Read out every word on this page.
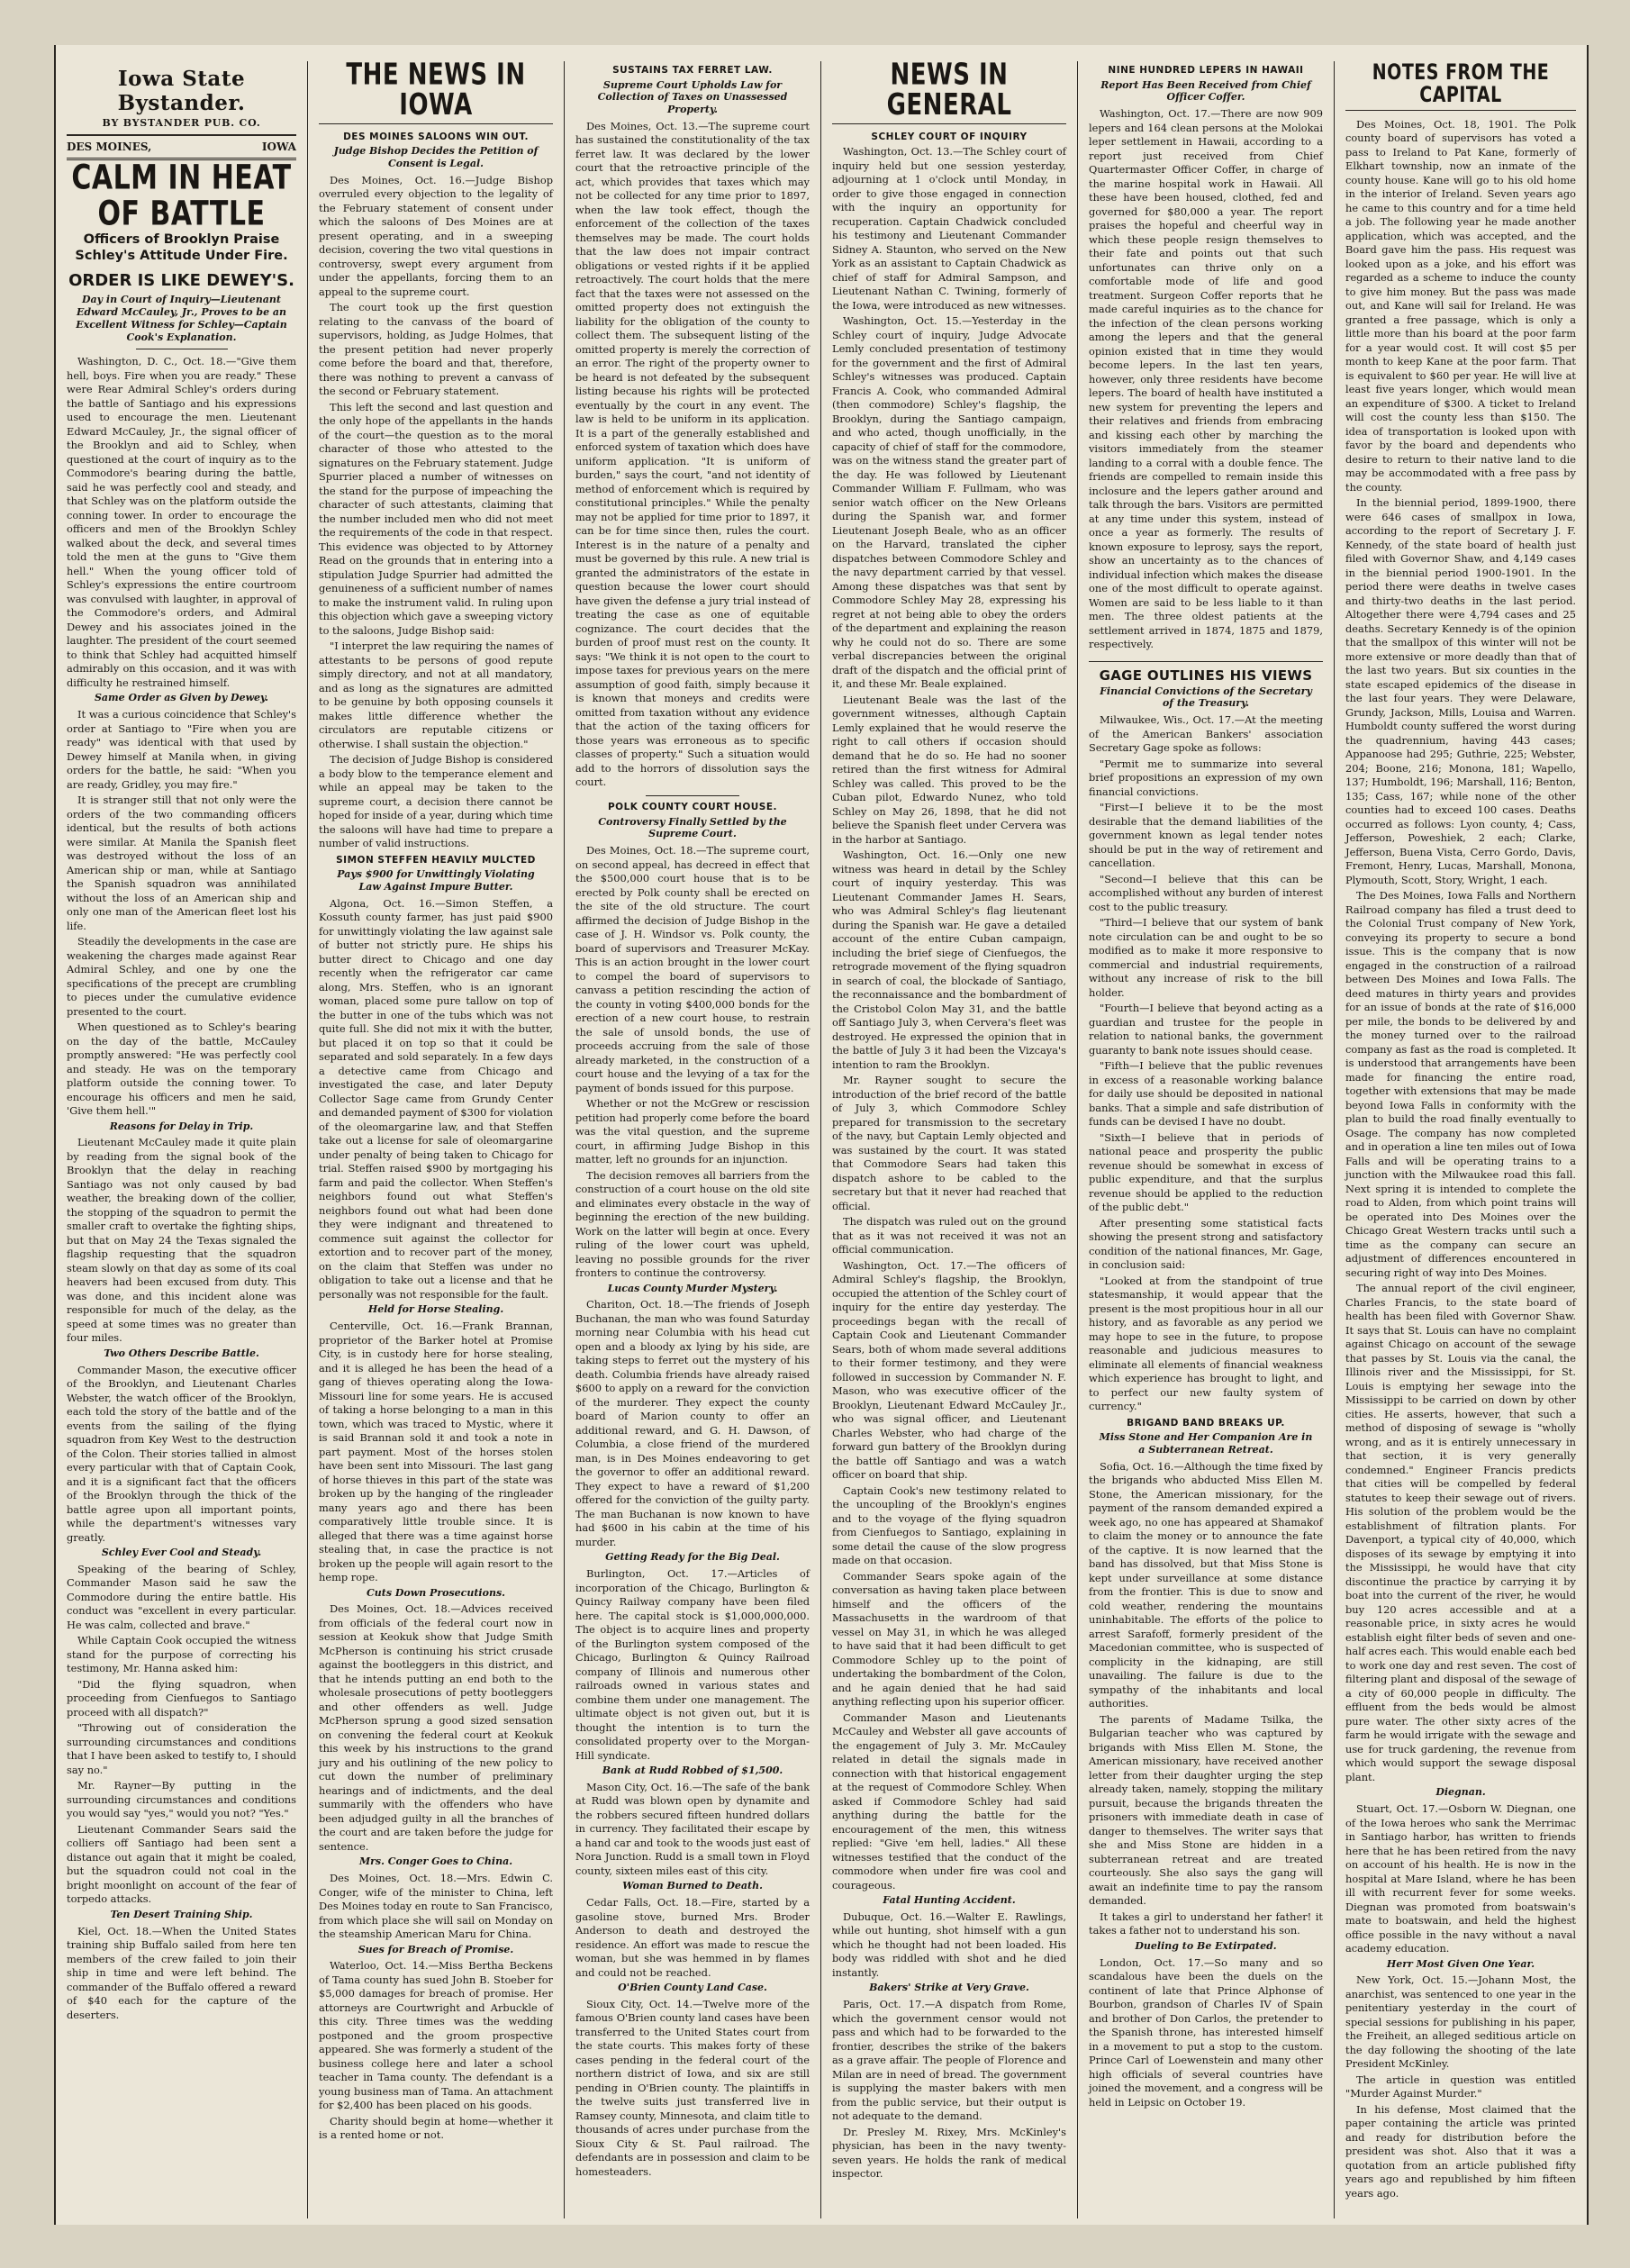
Iowa State Bystander.
BY BYSTANDER PUB. CO.
DES MOINES,	IOWA
CALM IN HEAT OF BATTLE
Officers of Brooklyn Praise Schley's Attitude Under Fire.
ORDER IS LIKE DEWEY'S.
Day in Court of Inquiry—Lieutenant Edward McCauley, Jr., Proves to be an Excellent Witness for Schley—Captain Cook's Explanation.

Washington, D. C., Oct. 18.—"Give them hell, boys. Fire when you are ready." These were Rear Admiral Schley's orders during the battle of Santiago and his expressions used to encourage the men. Lieutenant Edward McCauley, Jr., the signal officer of the Brooklyn and aid to Schley, when questioned at the court of inquiry as to the Commodore's bearing during the battle, said he was perfectly cool and steady, and that Schley was on the platform outside the conning tower. In order to encourage the officers and men of the Brooklyn Schley walked about the deck, and several times told the men at the guns to "Give them hell." When the young officer told of Schley's expressions the entire courtroom was convulsed with laughter, in approval of the Commodore's orders, and Admiral Dewey and his associates joined in the laughter. The president of the court seemed to think that Schley had acquitted himself admirably on this occasion, and it was with difficulty he restrained himself.

Same Order as Given by Dewey.

It was a curious coincidence that Schley's order at Santiago to "Fire when you are ready" was identical with that used by Dewey himself at Manila when, in giving orders for the battle, he said: "When you are ready, Gridley, you may fire."

It is stranger still that not only were the orders of the two commanding officers identical, but the results of both actions were similar. At Manila the Spanish fleet was destroyed without the loss of an American ship or man, while at Santiago the Spanish squadron was annihilated without the loss of an American ship and only one man of the American fleet lost his life.

Steadily the developments in the case are weakening the charges made against Rear Admiral Schley, and one by one the specifications of the precept are crumbling to pieces under the cumulative evidence presented to the court.

When questioned as to Schley's bearing on the day of the battle, McCauley promptly answered: "He was perfectly cool and steady. He was on the temporary platform outside the conning tower. To encourage his officers and men he said, 'Give them hell.'"

Reasons for Delay in Trip.

Lieutenant McCauley made it quite plain by reading from the signal book of the Brooklyn that the delay in reaching Santiago was not only caused by bad weather, the breaking down of the collier, the stopping of the squadron to permit the smaller craft to overtake the fighting ships, but that on May 24 the Texas signaled the flagship requesting that the squadron steam slowly on that day as some of its coal heavers had been excused from duty. This was done, and this incident alone was responsible for much of the delay, as the speed at some times was no greater than four miles.

Two Others Describe Battle.

Commander Mason, the executive officer of the Brooklyn, and Lieutenant Charles Webster, the watch officer of the Brooklyn, each told the story of the battle and of the events from the sailing of the flying squadron from Key West to the destruction of the Colon. Their stories tallied in almost every particular with that of Captain Cook, and it is a significant fact that the officers of the Brooklyn through the thick of the battle agree upon all important points, while the department's witnesses vary greatly.

Schley Ever Cool and Steady.

Speaking of the bearing of Schley, Commander Mason said he saw the Commodore during the entire battle. His conduct was "excellent in every particular. He was calm, collected and brave."

While Captain Cook occupied the witness stand for the purpose of correcting his testimony, Mr. Hanna asked him:

"Did the flying squadron, when proceeding from Cienfuegos to Santiago proceed with all dispatch?"

"Throwing out of consideration the surrounding circumstances and conditions that I have been asked to testify to, I should say no."

Mr. Rayner—By putting in the surrounding circumstances and conditions you would say "yes," would you not? "Yes."

Lieutenant Commander Sears said the colliers off Santiago had been sent a distance out again that it might be coaled, but the squadron could not coal in the bright moonlight on account of the fear of torpedo attacks.

Ten Desert Training Ship.

Kiel, Oct. 18.—When the United States training ship Buffalo sailed from here ten members of the crew failed to join their ship in time and were left behind. The commander of the Buffalo offered a reward of $40 each for the capture of the deserters.

THE NEWS IN IOWA
DES MOINES SALOONS WIN OUT.
Judge Bishop Decides the Petition of Consent is Legal.

Des Moines, Oct. 16.—Judge Bishop overruled every objection to the legality of the February statement of consent under which the saloons of Des Moines are at present operating, and in a sweeping decision, covering the two vital questions in controversy, swept every argument from under the appellants, forcing them to an appeal to the supreme court.

The court took up the first question relating to the canvass of the board of supervisors, holding, as Judge Holmes, that the present petition had never properly come before the board and that, therefore, there was nothing to prevent a canvass of the second or February statement.

This left the second and last question and the only hope of the appellants in the hands of the court—the question as to the moral character of those who attested to the signatures on the February statement. Judge Spurrier placed a number of witnesses on the stand for the purpose of impeaching the character of such attestants, claiming that the number included men who did not meet the requirements of the code in that respect. This evidence was objected to by Attorney Read on the grounds that in entering into a stipulation Judge Spurrier had admitted the genuineness of a sufficient number of names to make the instrument valid. In ruling upon this objection which gave a sweeping victory to the saloons, Judge Bishop said:

"I interpret the law requiring the names of attestants to be persons of good repute simply directory, and not at all mandatory, and as long as the signatures are admitted to be genuine by both opposing counsels it makes little difference whether the circulators are reputable citizens or otherwise. I shall sustain the objection."

The decision of Judge Bishop is considered a body blow to the temperance element and while an appeal may be taken to the supreme court, a decision there cannot be hoped for inside of a year, during which time the saloons will have had time to prepare a number of valid instructions.

SIMON STEFFEN HEAVILY MULCTED
Pays $900 for Unwittingly Violating Law Against Impure Butter.

Algona, Oct. 16.—Simon Steffen, a Kossuth county farmer, has just paid $900 for unwittingly violating the law against sale of butter not strictly pure. He ships his butter direct to Chicago and one day recently when the refrigerator car came along, Mrs. Steffen, who is an ignorant woman, placed some pure tallow on top of the butter in one of the tubs which was not quite full. She did not mix it with the butter, but placed it on top so that it could be separated and sold separately. In a few days a detective came from Chicago and investigated the case, and later Deputy Collector Sage came from Grundy Center and demanded payment of $300 for violation of the oleomargarine law, and that Steffen take out a license for sale of oleomargarine under penalty of being taken to Chicago for trial. Steffen raised $900 by mortgaging his farm and paid the collector. When Steffen's neighbors found out what Steffen's neighbors found out what had been done they were indignant and threatened to commence suit against the collector for extortion and to recover part of the money, on the claim that Steffen was under no obligation to take out a license and that he personally was not responsible for the fault.

Held for Horse Stealing.

Centerville, Oct. 16.—Frank Brannan, proprietor of the Barker hotel at Promise City, is in custody here for horse stealing, and it is alleged he has been the head of a gang of thieves operating along the Iowa-Missouri line for some years. He is accused of taking a horse belonging to a man in this town, which was traced to Mystic, where it is said Brannan sold it and took a note in part payment. Most of the horses stolen have been sent into Missouri. The last gang of horse thieves in this part of the state was broken up by the hanging of the ringleader many years ago and there has been comparatively little trouble since. It is alleged that there was a time against horse stealing that, in case the practice is not broken up the people will again resort to the hemp rope.

Cuts Down Prosecutions.

Des Moines, Oct. 18.—Advices received from officials of the federal court now in session at Keokuk show that Judge Smith McPherson is continuing his strict crusade against the bootleggers in this district, and that he intends putting an end both to the wholesale prosecutions of petty bootleggers and other offenders as well. Judge McPherson sprung a good sized sensation on convening the federal court at Keokuk this week by his instructions to the grand jury and his outlining of the new policy to cut down the number of preliminary hearings and of indictments, and the deal summarily with the offenders who have been adjudged guilty in all the branches of the court and are taken before the judge for sentence.

Mrs. Conger Goes to China.

Des Moines, Oct. 18.—Mrs. Edwin C. Conger, wife of the minister to China, left Des Moines today en route to San Francisco, from which place she will sail on Monday on the steamship American Maru for China.

Sues for Breach of Promise.

Waterloo, Oct. 14.—Miss Bertha Beckens of Tama county has sued John B. Stoeber for $5,000 damages for breach of promise. Her attorneys are Courtwright and Arbuckle of this city. Three times was the wedding postponed and the groom prospective appeared. She was formerly a student of the business college here and later a school teacher in Tama county. The defendant is a young business man of Tama. An attachment for $2,400 has been placed on his goods.

Charity should begin at home—whether it is a rented home or not.

SUSTAINS TAX FERRET LAW.
Supreme Court Upholds Law for Collection of Taxes on Unassessed Property.

Des Moines, Oct. 13.—The supreme court has sustained the constitutionality of the tax ferret law. It was declared by the lower court that the retroactive principle of the act, which provides that taxes which may not be collected for any time prior to 1897, when the law took effect, though the enforcement of the collection of the taxes themselves may be made. The court holds that the law does not impair contract obligations or vested rights if it be applied retroactively. The court holds that the mere fact that the taxes were not assessed on the omitted property does not extinguish the liability for the obligation of the county to collect them. The subsequent listing of the omitted property is merely the correction of an error. The right of the property owner to be heard is not defeated by the subsequent listing because his rights will be protected eventually by the court in any event. The law is held to be uniform in its application. It is a part of the generally established and enforced system of taxation which does have uniform application. "It is uniform of burden," says the court, "and not identity of method of enforcement which is required by constitutional principles." While the penalty may not be applied for time prior to 1897, it can be for time since then, rules the court. Interest is in the nature of a penalty and must be governed by this rule. A new trial is granted the administrators of the estate in question because the lower court should have given the defense a jury trial instead of treating the case as one of equitable cognizance. The court decides that the burden of proof must rest on the county. It says: "We think it is not open to the court to impose taxes for previous years on the mere assumption of good faith, simply because it is known that moneys and credits were omitted from taxation without any evidence that the action of the taxing officers for those years was erroneous as to specific classes of property." Such a situation would add to the horrors of dissolution says the court.

POLK COUNTY COURT HOUSE.
Controversy Finally Settled by the Supreme Court.

Des Moines, Oct. 18.—The supreme court, on second appeal, has decreed in effect that the $500,000 court house that is to be erected by Polk county shall be erected on the site of the old structure. The court affirmed the decision of Judge Bishop in the case of J. H. Windsor vs. Polk county, the board of supervisors and Treasurer McKay. This is an action brought in the lower court to compel the board of supervisors to canvass a petition rescinding the action of the county in voting $400,000 bonds for the erection of a new court house, to restrain the sale of unsold bonds, the use of proceeds accruing from the sale of those already marketed, in the construction of a court house and the levying of a tax for the payment of bonds issued for this purpose.

Whether or not the McGrew or rescission petition had properly come before the board was the vital question, and the supreme court, in affirming Judge Bishop in this matter, left no grounds for an injunction.

The decision removes all barriers from the construction of a court house on the old site and eliminates every obstacle in the way of beginning the erection of the new building. Work on the latter will begin at once. Every ruling of the lower court was upheld, leaving no possible grounds for the river fronters to continue the controversy.

Lucas County Murder Mystery.

Chariton, Oct. 18.—The friends of Joseph Buchanan, the man who was found Saturday morning near Columbia with his head cut open and a bloody ax lying by his side, are taking steps to ferret out the mystery of his death. Columbia friends have already raised $600 to apply on a reward for the conviction of the murderer. They expect the county board of Marion county to offer an additional reward, and G. H. Dawson, of Columbia, a close friend of the murdered man, is in Des Moines endeavoring to get the governor to offer an additional reward. They expect to have a reward of $1,200 offered for the conviction of the guilty party. The man Buchanan is now known to have had $600 in his cabin at the time of his murder.

Getting Ready for the Big Deal.

Burlington, Oct. 17.—Articles of incorporation of the Chicago, Burlington & Quincy Railway company have been filed here. The capital stock is $1,000,000,000. The object is to acquire lines and property of the Burlington system composed of the Chicago, Burlington & Quincy Railroad company of Illinois and numerous other railroads owned in various states and combine them under one management. The ultimate object is not given out, but it is thought the intention is to turn the consolidated property over to the Morgan-Hill syndicate.

Bank at Rudd Robbed of $1,500.

Mason City, Oct. 16.—The safe of the bank at Rudd was blown open by dynamite and the robbers secured fifteen hundred dollars in currency. They facilitated their escape by a hand car and took to the woods just east of Nora Junction. Rudd is a small town in Floyd county, sixteen miles east of this city.

Woman Burned to Death.

Cedar Falls, Oct. 18.—Fire, started by a gasoline stove, burned Mrs. Broder Anderson to death and destroyed the residence. An effort was made to rescue the woman, but she was hemmed in by flames and could not be reached.

O'Brien County Land Case.

Sioux City, Oct. 14.—Twelve more of the famous O'Brien county land cases have been transferred to the United States court from the state courts. This makes forty of these cases pending in the federal court of the northern district of Iowa, and six are still pending in O'Brien county. The plaintiffs in the twelve suits just transferred live in Ramsey county, Minnesota, and claim title to thousands of acres under purchase from the Sioux City & St. Paul railroad. The defendants are in possession and claim to be homesteaders.

NEWS IN GENERAL
SCHLEY COURT OF INQUIRY

Washington, Oct. 13.—The Schley court of inquiry held but one session yesterday, adjourning at 1 o'clock until Monday, in order to give those engaged in connection with the inquiry an opportunity for recuperation. Captain Chadwick concluded his testimony and Lieutenant Commander Sidney A. Staunton, who served on the New York as an assistant to Captain Chadwick as chief of staff for Admiral Sampson, and Lieutenant Nathan C. Twining, formerly of the Iowa, were introduced as new witnesses.

Washington, Oct. 15.—Yesterday in the Schley court of inquiry, Judge Advocate Lemly concluded presentation of testimony for the government and the first of Admiral Schley's witnesses was produced. Captain Francis A. Cook, who commanded Admiral (then commodore) Schley's flagship, the Brooklyn, during the Santiago campaign, and who acted, though unofficially, in the capacity of chief of staff for the commodore, was on the witness stand the greater part of the day. He was followed by Lieutenant Commander William F. Fullmam, who was senior watch officer on the New Orleans during the Spanish war, and former Lieutenant Joseph Beale, who as an officer on the Harvard, translated the cipher dispatches between Commodore Schley and the navy department carried by that vessel. Among these dispatches was that sent by Commodore Schley May 28, expressing his regret at not being able to obey the orders of the department and explaining the reason why he could not do so. There are some verbal discrepancies between the original draft of the dispatch and the official print of it, and these Mr. Beale explained.

Lieutenant Beale was the last of the government witnesses, although Captain Lemly explained that he would reserve the right to call others if occasion should demand that he do so. He had no sooner retired than the first witness for Admiral Schley was called. This proved to be the Cuban pilot, Edwardo Nunez, who told Schley on May 26, 1898, that he did not believe the Spanish fleet under Cervera was in the harbor at Santiago.

Washington, Oct. 16.—Only one new witness was heard in detail by the Schley court of inquiry yesterday. This was Lieutenant Commander James H. Sears, who was Admiral Schley's flag lieutenant during the Spanish war. He gave a detailed account of the entire Cuban campaign, including the brief siege of Cienfuegos, the retrograde movement of the flying squadron in search of coal, the blockade of Santiago, the reconnaissance and the bombardment of the Cristobol Colon May 31, and the battle off Santiago July 3, when Cervera's fleet was destroyed. He expressed the opinion that in the battle of July 3 it had been the Vizcaya's intention to ram the Brooklyn.

Mr. Rayner sought to secure the introduction of the brief record of the battle of July 3, which Commodore Schley prepared for transmission to the secretary of the navy, but Captain Lemly objected and was sustained by the court. It was stated that Commodore Sears had taken this dispatch ashore to be cabled to the secretary but that it never had reached that official.

The dispatch was ruled out on the ground that as it was not received it was not an official communication.

Washington, Oct. 17.—The officers of Admiral Schley's flagship, the Brooklyn, occupied the attention of the Schley court of inquiry for the entire day yesterday. The proceedings began with the recall of Captain Cook and Lieutenant Commander Sears, both of whom made several additions to their former testimony, and they were followed in succession by Commander N. F. Mason, who was executive officer of the Brooklyn, Lieutenant Edward McCauley Jr., who was signal officer, and Lieutenant Charles Webster, who had charge of the forward gun battery of the Brooklyn during the battle off Santiago and was a watch officer on board that ship.

Captain Cook's new testimony related to the uncoupling of the Brooklyn's engines and to the voyage of the flying squadron from Cienfuegos to Santiago, explaining in some detail the cause of the slow progress made on that occasion.

Commander Sears spoke again of the conversation as having taken place between himself and the officers of the Massachusetts in the wardroom of that vessel on May 31, in which he was alleged to have said that it had been difficult to get Commodore Schley up to the point of undertaking the bombardment of the Colon, and he again denied that he had said anything reflecting upon his superior officer.

Commander Mason and Lieutenants McCauley and Webster all gave accounts of the engagement of July 3. Mr. McCauley related in detail the signals made in connection with that historical engagement at the request of Commodore Schley. When asked if Commodore Schley had said anything during the battle for the encouragement of the men, this witness replied: "Give 'em hell, ladies." All these witnesses testified that the conduct of the commodore when under fire was cool and courageous.

Fatal Hunting Accident.

Dubuque, Oct. 16.—Walter E. Rawlings, while out hunting, shot himself with a gun which he thought had not been loaded. His body was riddled with shot and he died instantly.

Bakers' Strike at Very Grave.

Paris, Oct. 17.—A dispatch from Rome, which the government censor would not pass and which had to be forwarded to the frontier, describes the strike of the bakers as a grave affair. The people of Florence and Milan are in need of bread. The government is supplying the master bakers with men from the public service, but their output is not adequate to the demand.

Dr. Presley M. Rixey, Mrs. McKinley's physician, has been in the navy twenty-seven years. He holds the rank of medical inspector.

NINE HUNDRED LEPERS IN HAWAII
Report Has Been Received from Chief Officer Coffer.

Washington, Oct. 17.—There are now 909 lepers and 164 clean persons at the Molokai leper settlement in Hawaii, according to a report just received from Chief Quartermaster Officer Coffer, in charge of the marine hospital work in Hawaii. All these have been housed, clothed, fed and governed for $80,000 a year. The report praises the hopeful and cheerful way in which these people resign themselves to their fate and points out that such unfortunates can thrive only on a comfortable mode of life and good treatment. Surgeon Coffer reports that he made careful inquiries as to the chance for the infection of the clean persons working among the lepers and that the general opinion existed that in time they would become lepers. In the last ten years, however, only three residents have become lepers. The board of health have instituted a new system for preventing the lepers and their relatives and friends from embracing and kissing each other by marching the visitors immediately from the steamer landing to a corral with a double fence. The friends are compelled to remain inside this inclosure and the lepers gather around and talk through the bars. Visitors are permitted at any time under this system, instead of once a year as formerly. The results of known exposure to leprosy, says the report, show an uncertainty as to the chances of individual infection which makes the disease one of the most difficult to operate against. Women are said to be less liable to it than men. The three oldest patients at the settlement arrived in 1874, 1875 and 1879, respectively.

GAGE OUTLINES HIS VIEWS
Financial Convictions of the Secretary of the Treasury.

Milwaukee, Wis., Oct. 17.—At the meeting of the American Bankers' association Secretary Gage spoke as follows:

"Permit me to summarize into several brief propositions an expression of my own financial convictions.

"First—I believe it to be the most desirable that the demand liabilities of the government known as legal tender notes should be put in the way of retirement and cancellation.

"Second—I believe that this can be accomplished without any burden of interest cost to the public treasury.

"Third—I believe that our system of bank note circulation can be and ought to be so modified as to make it more responsive to commercial and industrial requirements, without any increase of risk to the bill holder.

"Fourth—I believe that beyond acting as a guardian and trustee for the people in relation to national banks, the government guaranty to bank note issues should cease.

"Fifth—I believe that the public revenues in excess of a reasonable working balance for daily use should be deposited in national banks. That a simple and safe distribution of funds can be devised I have no doubt.

"Sixth—I believe that in periods of national peace and prosperity the public revenue should be somewhat in excess of public expenditure, and that the surplus revenue should be applied to the reduction of the public debt."

After presenting some statistical facts showing the present strong and satisfactory condition of the national finances, Mr. Gage, in conclusion said:

"Looked at from the standpoint of true statesmanship, it would appear that the present is the most propitious hour in all our history, and as favorable as any period we may hope to see in the future, to propose reasonable and judicious measures to eliminate all elements of financial weakness which experience has brought to light, and to perfect our new faulty system of currency."

BRIGAND BAND BREAKS UP.
Miss Stone and Her Companion Are in a Subterranean Retreat.

Sofia, Oct. 16.—Although the time fixed by the brigands who abducted Miss Ellen M. Stone, the American missionary, for the payment of the ransom demanded expired a week ago, no one has appeared at Shamakof to claim the money or to announce the fate of the captive. It is now learned that the band has dissolved, but that Miss Stone is kept under surveillance at some distance from the frontier. This is due to snow and cold weather, rendering the mountains uninhabitable. The efforts of the police to arrest Sarafoff, formerly president of the Macedonian committee, who is suspected of complicity in the kidnaping, are still unavailing. The failure is due to the sympathy of the inhabitants and local authorities.

The parents of Madame Tsilka, the Bulgarian teacher who was captured by brigands with Miss Ellen M. Stone, the American missionary, have received another letter from their daughter urging the step already taken, namely, stopping the military pursuit, because the brigands threaten the prisoners with immediate death in case of danger to themselves. The writer says that she and Miss Stone are hidden in a subterranean retreat and are treated courteously. She also says the gang will await an indefinite time to pay the ransom demanded.

It takes a girl to understand her father! it takes a father not to understand his son.

Dueling to Be Extirpated.

London, Oct. 17.—So many and so scandalous have been the duels on the continent of late that Prince Alphonse of Bourbon, grandson of Charles IV of Spain and brother of Don Carlos, the pretender to the Spanish throne, has interested himself in a movement to put a stop to the custom. Prince Carl of Loewenstein and many other high officials of several countries have joined the movement, and a congress will be held in Leipsic on October 19.

NOTES FROM THE CAPITAL

Des Moines, Oct. 18, 1901. The Polk county board of supervisors has voted a pass to Ireland to Pat Kane, formerly of Elkhart township, now an inmate of the county house. Kane will go to his old home in the interior of Ireland. Seven years ago he came to this country and for a time held a job. The following year he made another application, which was accepted, and the Board gave him the pass. His request was looked upon as a joke, and his effort was regarded as a scheme to induce the county to give him money. But the pass was made out, and Kane will sail for Ireland. He was granted a free passage, which is only a little more than his board at the poor farm for a year would cost. It will cost $5 per month to keep Kane at the poor farm. That is equivalent to $60 per year. He will live at least five years longer, which would mean an expenditure of $300. A ticket to Ireland will cost the county less than $150. The idea of transportation is looked upon with favor by the board and dependents who desire to return to their native land to die may be accommodated with a free pass by the county.

In the biennial period, 1899-1900, there were 646 cases of smallpox in Iowa, according to the report of Secretary J. F. Kennedy, of the state board of health just filed with Governor Shaw, and 4,149 cases in the biennial period 1900-1901. In the period there were deaths in twelve cases and thirty-two deaths in the last period. Altogether there were 4,794 cases and 25 deaths. Secretary Kennedy is of the opinion that the smallpox of this winter will not be more extensive or more deadly than that of the last two years. But six counties in the state escaped epidemics of the disease in the last four years. They were Delaware, Grundy, Jackson, Mills, Louisa and Warren. Humboldt county suffered the worst during the quadrennium, having 443 cases; Appanoose had 295; Guthrie, 225; Webster, 204; Boone, 216; Monona, 181; Wapello, 137; Humboldt, 196; Marshall, 116; Benton, 135; Cass, 167; while none of the other counties had to exceed 100 cases. Deaths occurred as follows: Lyon county, 4; Cass, Jefferson, Poweshiek, 2 each; Clarke, Jefferson, Buena Vista, Cerro Gordo, Davis, Fremont, Henry, Lucas, Marshall, Monona, Plymouth, Scott, Story, Wright, 1 each.

The Des Moines, Iowa Falls and Northern Railroad company has filed a trust deed to the Colonial Trust company of New York, conveying its property to secure a bond issue. This is the company that is now engaged in the construction of a railroad between Des Moines and Iowa Falls. The deed matures in thirty years and provides for an issue of bonds at the rate of $16,000 per mile, the bonds to be delivered by and the money turned over to the railroad company as fast as the road is completed. It is understood that arrangements have been made for financing the entire road, together with extensions that may be made beyond Iowa Falls in conformity with the plan to build the road finally eventually to Osage. The company has now completed and in operation a line ten miles out of Iowa Falls and will be operating trains to a junction with the Milwaukee road this fall. Next spring it is intended to complete the road to Alden, from which point trains will be operated into Des Moines over the Chicago Great Western tracks until such a time as the company can secure an adjustment of differences encountered in securing right of way into Des Moines.

The annual report of the civil engineer, Charles Francis, to the state board of health has been filed with Governor Shaw. It says that St. Louis can have no complaint against Chicago on account of the sewage that passes by St. Louis via the canal, the Illinois river and the Mississippi, for St. Louis is emptying her sewage into the Mississippi to be carried on down by other cities. He asserts, however, that such a method of disposing of sewage is "wholly wrong, and as it is entirely unnecessary in that section, it is very generally condemned." Engineer Francis predicts that cities will be compelled by federal statutes to keep their sewage out of rivers. His solution of the problem would be the establishment of filtration plants. For Davenport, a typical city of 40,000, which disposes of its sewage by emptying it into the Mississippi, he would have that city discontinue the practice by carrying it by boat into the current of the river, he would buy 120 acres accessible and at a reasonable price, in sixty acres he would establish eight filter beds of seven and one-half acres each. This would enable each bed to work one day and rest seven. The cost of filtering plant and disposal of the sewage of a city of 60,000 people in difficulty. The effluent from the beds would be almost pure water. The other sixty acres of the farm he would irrigate with the sewage and use for truck gardening, the revenue from which would support the sewage disposal plant.

Diegnan.

Stuart, Oct. 17.—Osborn W. Diegnan, one of the Iowa heroes who sank the Merrimac in Santiago harbor, has written to friends here that he has been retired from the navy on account of his health. He is now in the hospital at Mare Island, where he has been ill with recurrent fever for some weeks. Diegnan was promoted from boatswain's mate to boatswain, and held the highest office possible in the navy without a naval academy education.

Herr Most Given One Year.

New York, Oct. 15.—Johann Most, the anarchist, was sentenced to one year in the penitentiary yesterday in the court of special sessions for publishing in his paper, the Freiheit, an alleged seditious article on the day following the shooting of the late President McKinley.

The article in question was entitled "Murder Against Murder."

In his defense, Most claimed that the paper containing the article was printed and ready for distribution before the president was shot. Also that it was a quotation from an article published fifty years ago and republished by him fifteen years ago.
